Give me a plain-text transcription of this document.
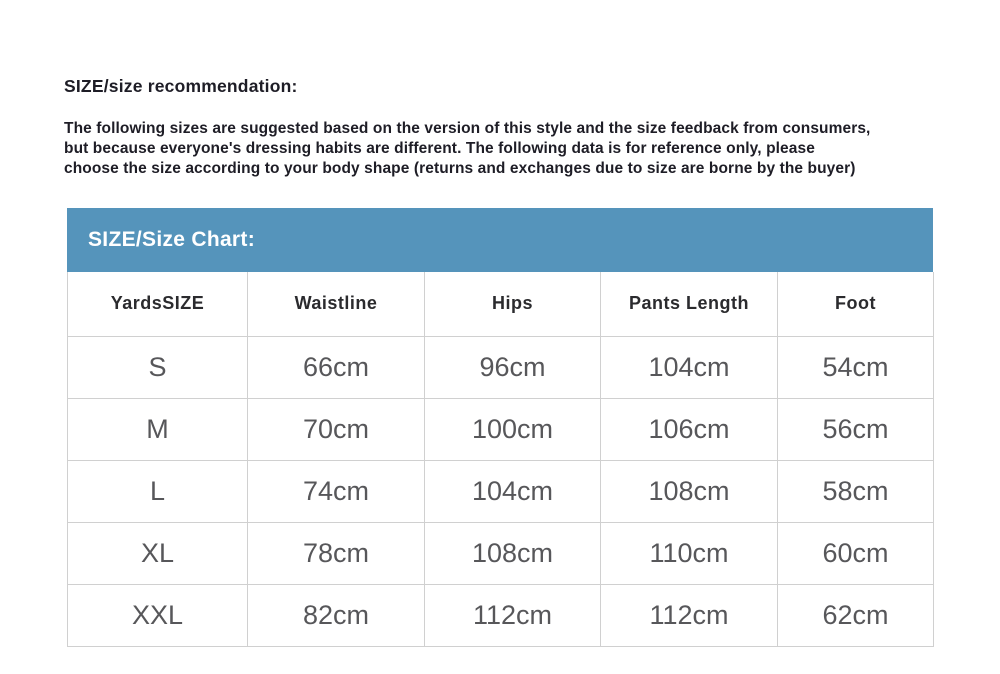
SIZE/size recommendation:
The following sizes are suggested based on the version of this style and the size feedback from consumers,
but because everyone's dressing habits are different. The following data is for reference only, please
choose the size according to your body shape (returns and exchanges due to size are borne by the buyer)
SIZE/Size Chart:
YardsSIZE	Waistline	Hips	Pants Length	Foot
S	66cm	96cm	104cm	54cm
M	70cm	100cm	106cm	56cm
L	74cm	104cm	108cm	58cm
XL	78cm	108cm	110cm	60cm
XXL	82cm	112cm	112cm	62cm
